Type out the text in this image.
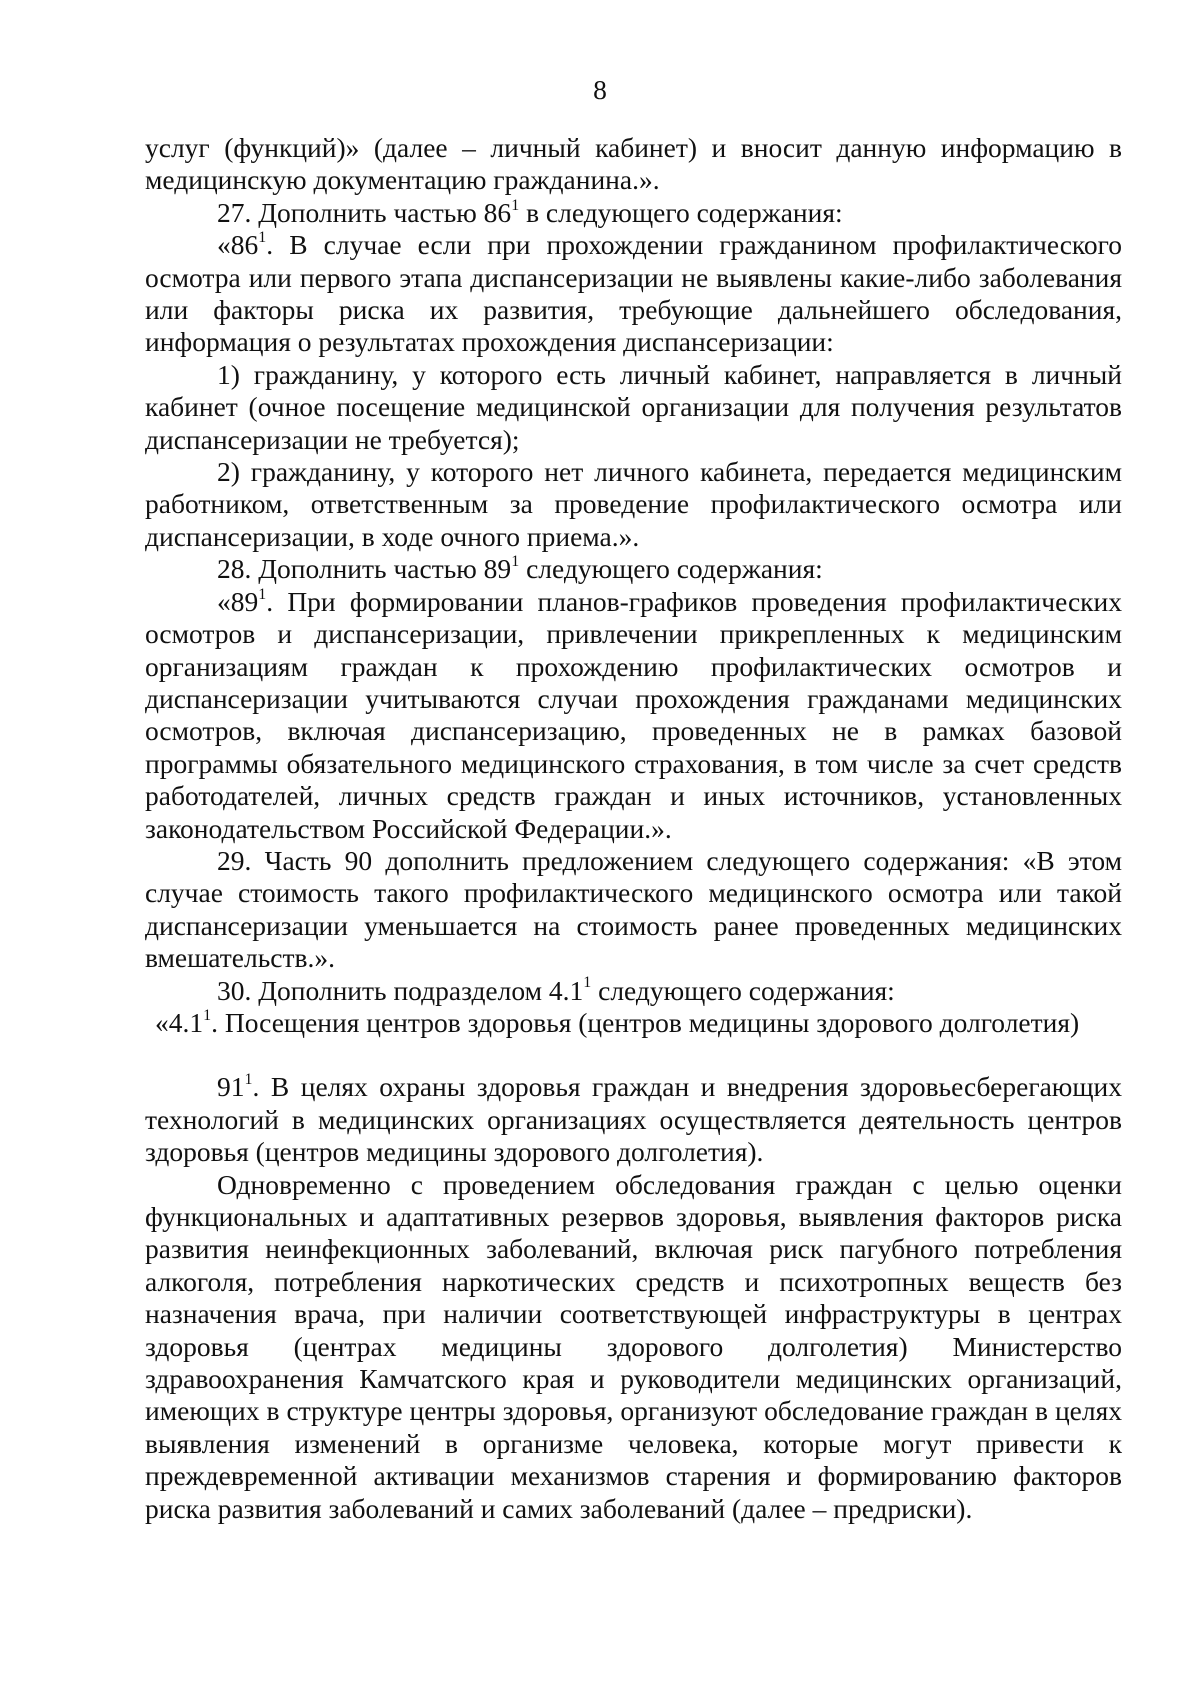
8

услуг (функций)» (далее – личный кабинет) и вносит данную информацию в медицинскую документацию гражданина.».

27. Дополнить частью $86^1$ в следующего содержания:

«$86^1$. В случае если при прохождении гражданином профилактического осмотра или первого этапа диспансеризации не выявлены какие-либо заболевания или факторы риска их развития, требующие дальнейшего обследования, информация о результатах прохождения диспансеризации:

1) гражданину, у которого есть личный кабинет, направляется в личный кабинет (очное посещение медицинской организации для получения результатов диспансеризации не требуется);

2) гражданину, у которого нет личного кабинета, передается медицинским работником, ответственным за проведение профилактического осмотра или диспансеризации, в ходе очного приема.».

28. Дополнить частью $89^1$ следующего содержания:

«$89^1$. При формировании планов-графиков проведения профилактических осмотров и диспансеризации, привлечении прикрепленных к медицинским организациям граждан к прохождению профилактических осмотров и диспансеризации учитываются случаи прохождения гражданами медицинских осмотров, включая диспансеризацию, проведенных не в рамках базовой программы обязательного медицинского страхования, в том числе за счет средств работодателей, личных средств граждан и иных источников, установленных законодательством Российской Федерации.».

29. Часть 90 дополнить предложением следующего содержания: «В этом случае стоимость такого профилактического медицинского осмотра или такой диспансеризации уменьшается на стоимость ранее проведенных медицинских вмешательств.».

30. Дополнить подразделом $4.1^1$ следующего содержания:

«$4.1^1$. Посещения центров здоровья (центров медицины здорового долголетия)

$91^1$. В целях охраны здоровья граждан и внедрения здоровьесберегающих технологий в медицинских организациях осуществляется деятельность центров здоровья (центров медицины здорового долголетия).

Одновременно с проведением обследования граждан с целью оценки функциональных и адаптативных резервов здоровья, выявления факторов риска развития неинфекционных заболеваний, включая риск пагубного потребления алкоголя, потребления наркотических средств и психотропных веществ без назначения врача, при наличии соответствующей инфраструктуры в центрах здоровья (центрах медицины здорового долголетия) Министерство здравоохранения Камчатского края и руководители медицинских организаций, имеющих в структуре центры здоровья, организуют обследование граждан в целях выявления изменений в организме человека, которые могут привести к преждевременной активации механизмов старения и формированию факторов риска развития заболеваний и самих заболеваний (далее – предриски).
